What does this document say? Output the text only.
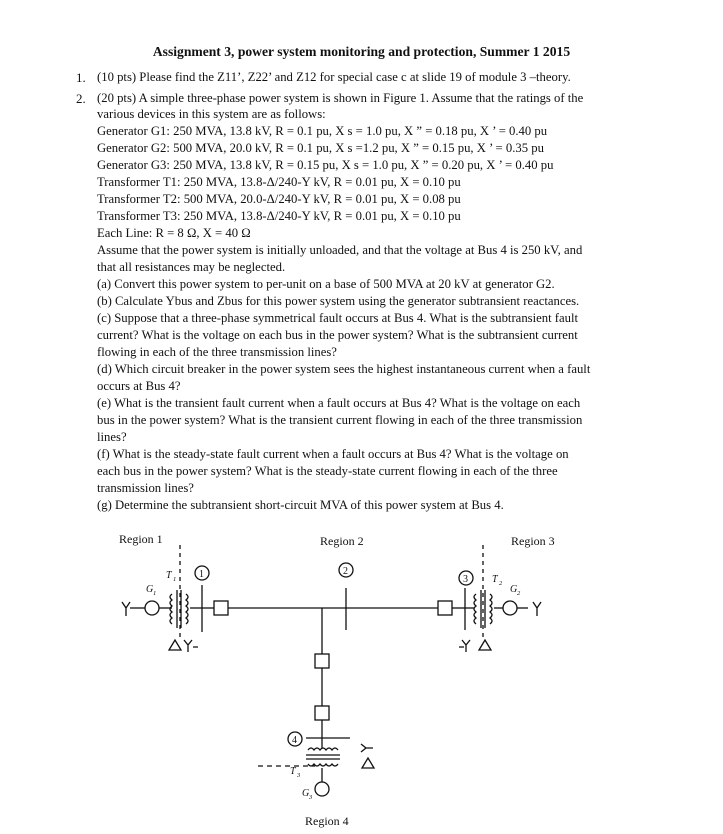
Assignment 3, power system monitoring and protection, Summer 1 2015
1. (10 pts) Please find the Z11’, Z22’ and Z12 for special case c at slide 19 of module 3 –theory.
2. (20 pts) A simple three-phase power system is shown in Figure 1. Assume that the ratings of the
various devices in this system are as follows:
Generator G1: 250 MVA, 13.8 kV, R = 0.1 pu, X s = 1.0 pu, X ” = 0.18 pu, X ’ = 0.40 pu
Generator G2: 500 MVA, 20.0 kV, R = 0.1 pu, X s =1.2 pu, X ” = 0.15 pu, X ’ = 0.35 pu
Generator G3: 250 MVA, 13.8 kV, R = 0.15 pu, X s = 1.0 pu, X ” = 0.20 pu, X ’ = 0.40 pu
Transformer T1: 250 MVA, 13.8-Δ/240-Y kV, R = 0.01 pu, X = 0.10 pu
Transformer T2: 500 MVA, 20.0-Δ/240-Y kV, R = 0.01 pu, X = 0.08 pu
Transformer T3: 250 MVA, 13.8-Δ/240-Y kV, R = 0.01 pu, X = 0.10 pu
Each Line: R = 8 Ω, X = 40 Ω
Assume that the power system is initially unloaded, and that the voltage at Bus 4 is 250 kV, and
that all resistances may be neglected.
(a) Convert this power system to per-unit on a base of 500 MVA at 20 kV at generator G2.
(b) Calculate Ybus and Zbus for this power system using the generator subtransient reactances.
(c) Suppose that a three-phase symmetrical fault occurs at Bus 4. What is the subtransient fault
current? What is the voltage on each bus in the power system? What is the subtransient current
flowing in each of the three transmission lines?
(d) Which circuit breaker in the power system sees the highest instantaneous current when a fault
occurs at Bus 4?
(e) What is the transient fault current when a fault occurs at Bus 4? What is the voltage on each
bus in the power system? What is the transient current flowing in each of the three transmission
lines?
(f) What is the steady-state fault current when a fault occurs at Bus 4? What is the voltage on
each bus in the power system? What is the steady-state current flowing in each of the three
transmission lines?
(g) Determine the subtransient short-circuit MVA of this power system at Bus 4.
Region 1	Region 2	Region 3
Region 4
1
G 1
T 1
2
3 T 2
G 2
4
T 3
G 3
